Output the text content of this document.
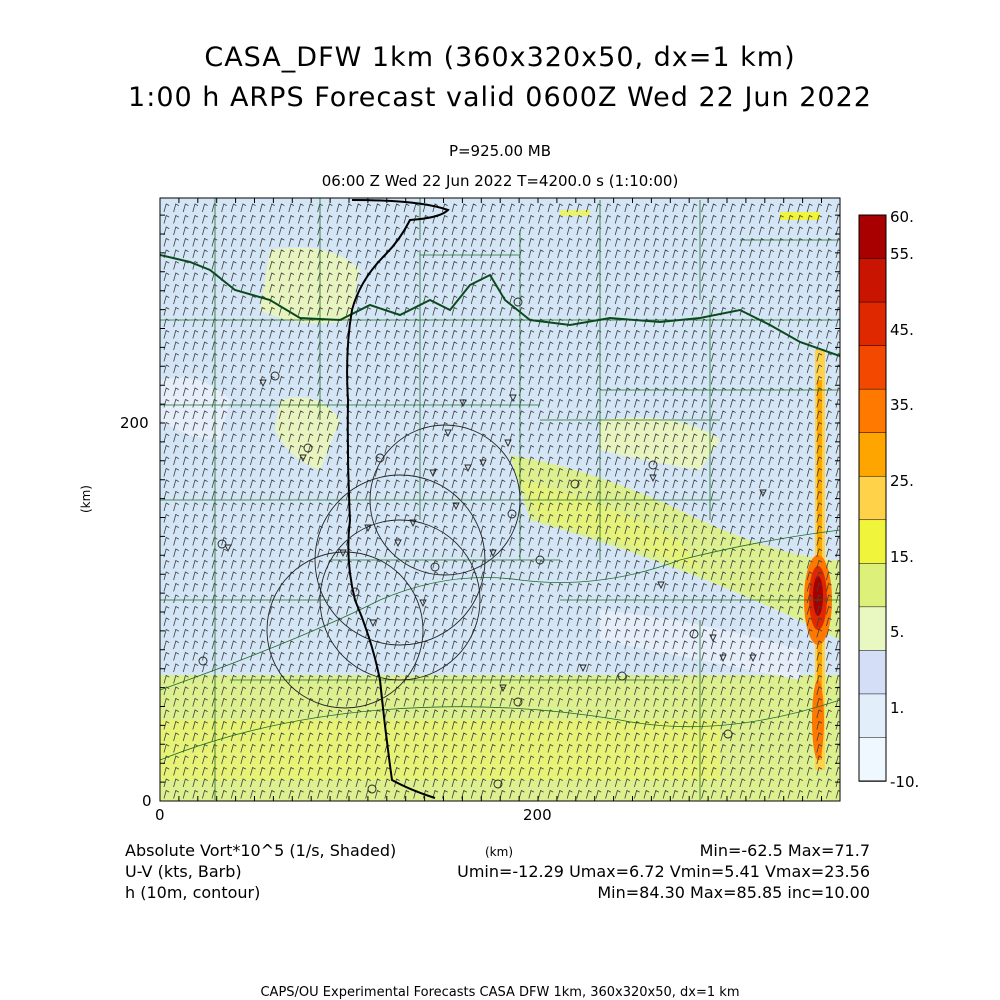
CASA_DFW 1km (360x320x50, dx=1 km)
1:00 h ARPS Forecast valid 0600Z Wed 22 Jun 2022
P=925.00 MB
06:00 Z Wed 22 Jun 2022 T=4200.0 s (1:10:00)
0
200
0	200
(km)
(km)
60.
55.
45.
35.
25.
15.
5.
1.
-10.
Absolute Vort*10^5 (1/s, Shaded)
U-V (kts, Barb)
h (10m, contour)
Min=-62.5 Max=71.7
Umin=-12.29 Umax=6.72 Vmin=5.41 Vmax=23.56
Min=84.30 Max=85.85 inc=10.00
CAPS/OU Experimental Forecasts CASA DFW 1km, 360x320x50, dx=1 km
